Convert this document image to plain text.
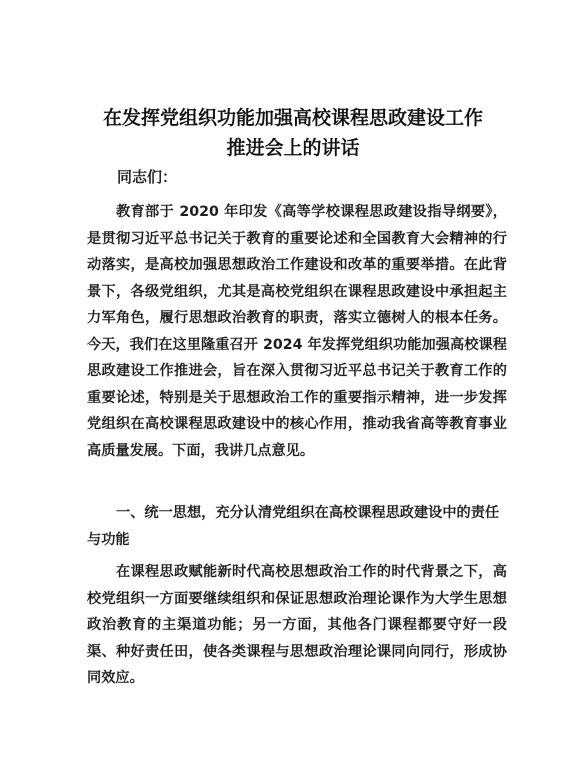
在发挥党组织功能加强高校课程思政建设工作
推进会上的讲话
同志们：
教育部于 2020 年印发《高等学校课程思政建设指导纲要》，是贯彻习近平总书记关于教育的重要论述和全国教育大会精神的行动落实，是高校加强思想政治工作建设和改革的重要举措。在此背景下，各级党组织，尤其是高校党组织在课程思政建设中承担起主力军角色，履行思想政治教育的职责，落实立德树人的根本任务。今天，我们在这里隆重召开 2024 年发挥党组织功能加强高校课程思政建设工作推进会，旨在深入贯彻习近平总书记关于教育工作的重要论述，特别是关于思想政治工作的重要指示精神，进一步发挥党组织在高校课程思政建设中的核心作用，推动我省高等教育事业高质量发展。下面，我讲几点意见。
一、统一思想，充分认清党组织在高校课程思政建设中的责任与功能
在课程思政赋能新时代高校思想政治工作的时代背景之下，高校党组织一方面要继续组织和保证思想政治理论课作为大学生思想政治教育的主渠道功能；另一方面，其他各门课程都要守好一段渠、种好责任田，使各类课程与思想政治理论课同向同行，形成协同效应。
